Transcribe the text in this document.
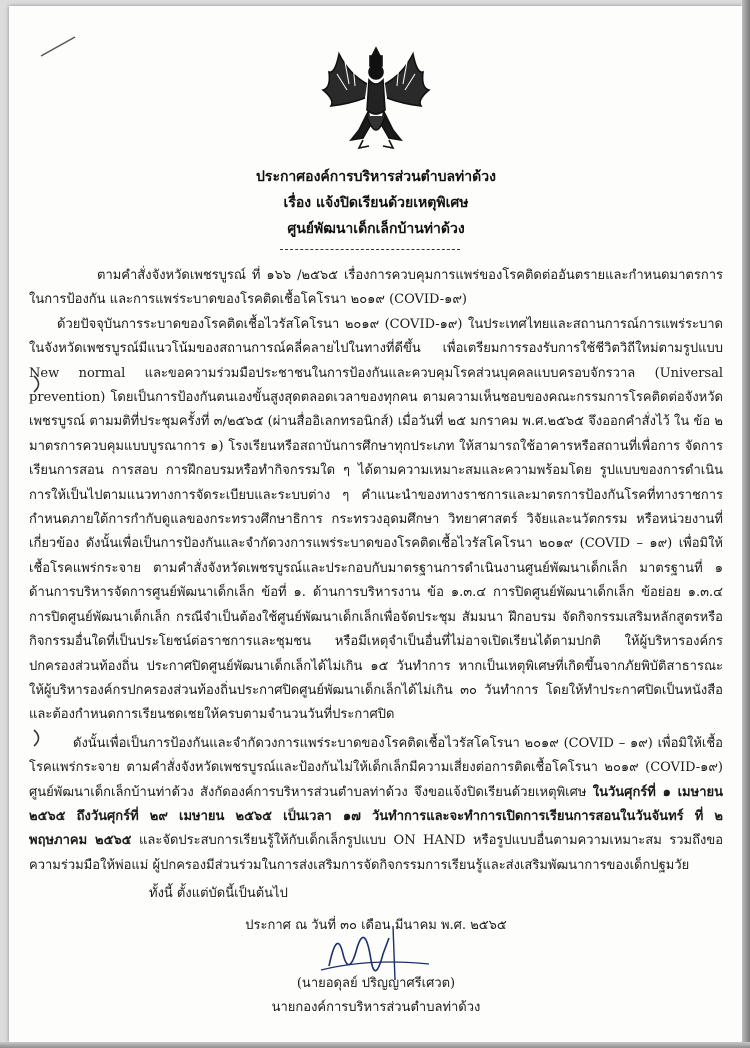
ประกาศองค์การบริหารส่วนตำบลท่าด้วง
เรื่อง แจ้งปิดเรียนด้วยเหตุพิเศษ
ศูนย์พัฒนาเด็กเล็กบ้านท่าด้วง

ตามคำสั่งจังหวัดเพชรบูรณ์ ที่ ๑๖๖ /๒๕๖๕ เรื่องการควบคุมการแพร่ของโรคติดต่ออันตรายและกำหนดมาตรการในการป้องกัน และการแพร่ระบาดของโรคติดเชื้อโคโรนา ๒๐๑๙ (COVID-๑๙)

ด้วยปัจจุบันการระบาดของโรคติดเชื้อไวรัสโคโรนา ๒๐๑๙ (COVID-๑๙) ในประเทศไทยและสถานการณ์การแพร่ระบาดในจังหวัดเพชรบูรณ์มีแนวโน้มของสถานการณ์คลี่คลายไปในทางที่ดีขึ้น เพื่อเตรียมการรองรับการใช้ชีวิตวิถีใหม่ตามรูปแบบ New normal และขอความร่วมมือประชาชนในการป้องกันและควบคุมโรคส่วนบุคคลแบบครอบจักรวาล (Universal prevention) โดยเป็นการป้องกันตนเองขั้นสูงสุดตลอดเวลาของทุกคน ตามความเห็นชอบของคณะกรรมการโรคติดต่อจังหวัดเพชรบูรณ์ ตามมติที่ประชุมครั้งที่ ๓/๒๕๖๕ (ผ่านสื่ออิเลกทรอนิกส์) เมื่อวันที่ ๒๕ มกราคม พ.ศ.๒๕๖๕ จึงออกคำสั่งไว้ ใน ข้อ ๒ มาตรการควบคุมแบบบูรณาการ ๑) โรงเรียนหรือสถาบันการศึกษาทุกประเภท ให้สามารถใช้อาคารหรือสถานที่เพื่อการ จัดการเรียนการสอน การสอบ การฝึกอบรมหรือทำกิจกรรมใด ๆ ได้ตามความเหมาะสมและความพร้อมโดย รูปแบบของการดำเนินการให้เป็นไปตามแนวทางการจัดระเบียบและระบบต่าง ๆ คำแนะนำของทางราชการและมาตรการป้องกันโรคที่ทางราชการกำหนดภายใต้การกำกับดูแลของกระทรวงศึกษาธิการ กระทรวงอุดมศึกษา วิทยาศาสตร์ วิจัยและนวัตกรรม หรือหน่วยงานที่เกี่ยวข้อง ดังนั้นเพื่อเป็นการป้องกันและจำกัดวงการแพร่ระบาดของโรคติดเชื้อไวรัสโคโรนา ๒๐๑๙ (COVID – ๑๙) เพื่อมิให้เชื้อโรคแพร่กระจาย ตามคำสั่งจังหวัดเพชรบูรณ์และประกอบกับมาตรฐานการดำเนินงานศูนย์พัฒนาเด็กเล็ก มาตรฐานที่ ๑ ด้านการบริหารจัดการศูนย์พัฒนาเด็กเล็ก ข้อที่ ๑. ด้านการบริหารงาน ข้อ ๑.๓.๔ การปิดศูนย์พัฒนาเด็กเล็ก ข้อย่อย ๑.๓.๔ การปิดศูนย์พัฒนาเด็กเล็ก กรณีจำเป็นต้องใช้ศูนย์พัฒนาเด็กเล็กเพื่อจัดประชุม สัมมนา ฝึกอบรม จัดกิจกรรมเสริมหลักสูตรหรือกิจกรรมอื่นใดที่เป็นประโยชน์ต่อราชการและชุมชน หรือมีเหตุจำเป็นอื่นที่ไม่อาจเปิดเรียนได้ตามปกติ ให้ผู้บริหารองค์กรปกครองส่วนท้องถิ่น ประกาศปิดศูนย์พัฒนาเด็กเล็กได้ไม่เกิน ๑๕ วันทำการ หากเป็นเหตุพิเศษที่เกิดขึ้นจากภัยพิบัติสาธารณะ ให้ผู้บริหารองค์กรปกครองส่วนท้องถิ่นประกาศปิดศูนย์พัฒนาเด็กเล็กได้ไม่เกิน ๓๐ วันทำการ โดยให้ทำประกาศปิดเป็นหนังสือ และต้องกำหนดการเรียนชดเชยให้ครบตามจำนวนวันที่ประกาศปิด

ดังนั้นเพื่อเป็นการป้องกันและจำกัดวงการแพร่ระบาดของโรคติดเชื้อไวรัสโคโรนา ๒๐๑๙ (COVID – ๑๙) เพื่อมิให้เชื้อโรคแพร่กระจาย ตามคำสั่งจังหวัดเพชรบูรณ์และป้องกันไม่ให้เด็กเล็กมีความเสี่ยงต่อการติดเชื้อโคโรนา ๒๐๑๙ (COVID-๑๙) ศูนย์พัฒนาเด็กเล็กบ้านท่าด้วง สังกัดองค์การบริหารส่วนตำบลท่าด้วง จึงขอแจ้งปิดเรียนด้วยเหตุพิเศษ ในวันศุกร์ที่ ๑ เมษายน ๒๕๖๕ ถึงวันศุกร์ที่ ๒๙ เมษายน ๒๕๖๕ เป็นเวลา ๑๗ วันทำการและจะทำการเปิดการเรียนการสอนในวันจันทร์ ที่ ๒ พฤษภาคม ๒๕๖๕ และจัดประสบการเรียนรู้ให้กับเด็กเล็กรูปแบบ ON HAND หรือรูปแบบอื่นตามความเหมาะสม รวมถึงขอความร่วมมือให้พ่อแม่ ผู้ปกครองมีส่วนร่วมในการส่งเสริมการจัดกิจกรรมการเรียนรู้และส่งเสริมพัฒนาการของเด็กปฐมวัย

ทั้งนี้ ตั้งแต่บัดนี้เป็นต้นไป

ประกาศ ณ วันที่ ๓๐ เดือน มีนาคม พ.ศ. ๒๕๖๕
(นายอดุลย์ ปริญญาศรีเศวต)
นายกองค์การบริหารส่วนตำบลท่าด้วง
